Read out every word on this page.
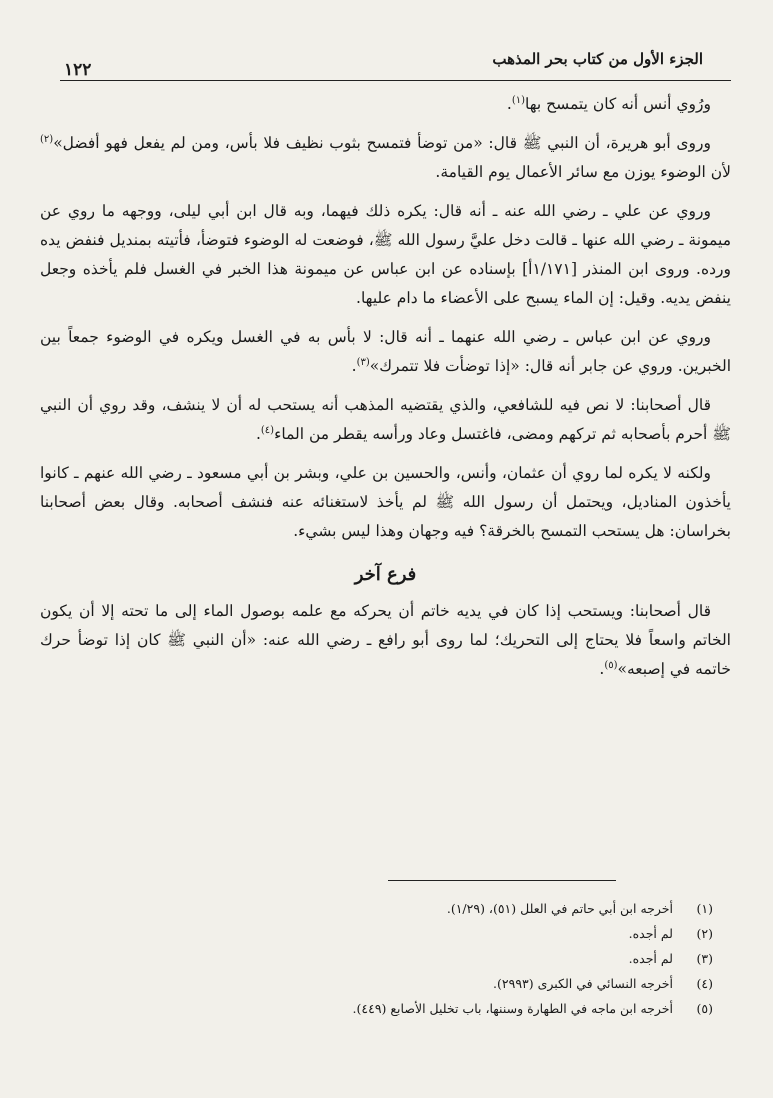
الجزء الأول من كتاب بحر المذهب
١٢٢

ورُوي أنس أنه كان يتمسح بها$^{(١)}$.

وروى أبو هريرة، أن النبي ﷺ قال: «من توضأ فتمسح بثوب نظيف فلا بأس، ومن لم يفعل فهو أفضل»$^{(٢)}$ لأن الوضوء يوزن مع سائر الأعمال يوم القيامة.

وروي عن علي ـ رضي الله عنه ـ أنه قال: يكره ذلك فيهما، وبه قال ابن أبي ليلى، ووجهه ما روي عن ميمونة ـ رضي الله عنها ـ قالت دخل عليَّ رسول الله ﷺ، فوضعت له الوضوء فتوضأ، فأتيته بمنديل فنفض يده ورده. وروى ابن المنذر [١/١٧١أ] بإسناده عن ابن عباس عن ميمونة هذا الخبر في الغسل فلم يأخذه وجعل ينفض يديه. وقيل: إن الماء يسبح على الأعضاء ما دام عليها.

وروي عن ابن عباس ـ رضي الله عنهما ـ أنه قال: لا بأس به في الغسل ويكره في الوضوء جمعاً بين الخبرين. وروي عن جابر أنه قال: «إذا توضأت فلا تتمرك»$^{(٣)}$.

قال أصحابنا: لا نص فيه للشافعي، والذي يقتضيه المذهب أنه يستحب له أن لا ينشف، وقد روي أن النبي ﷺ أحرم بأصحابه ثم تركهم ومضى، فاغتسل وعاد ورأسه يقطر من الماء$^{(٤)}$.

ولكنه لا يكره لما روي أن عثمان، وأنس، والحسين بن علي، وبشر بن أبي مسعود ـ رضي الله عنهم ـ كانوا يأخذون المناديل، ويحتمل أن رسول الله ﷺ لم يأخذ لاستغنائه عنه فنشف أصحابه. وقال بعض أصحابنا بخراسان: هل يستحب التمسح بالخرقة؟ فيه وجهان وهذا ليس بشيء.

فرع آخر

قال أصحابنا: ويستحب إذا كان في يديه خاتم أن يحركه مع علمه بوصول الماء إلى ما تحته إلا أن يكون الخاتم واسعاً فلا يحتاج إلى التحريك؛ لما روى أبو رافع ـ رضي الله عنه: «أن النبي ﷺ كان إذا توضأ حرك خاتمه في إصبعه»$^{(٥)}$.

(١)
أخرجه ابن أبي حاتم في العلل (٥١)، (١/٢٩).
(٢)
لم أجده.
(٣)
لم أجده.
(٤)
أخرجه النسائي في الكبرى (٢٩٩٣).
(٥)
أخرجه ابن ماجه في الطهارة وسننها، باب تخليل الأصابع (٤٤٩).
